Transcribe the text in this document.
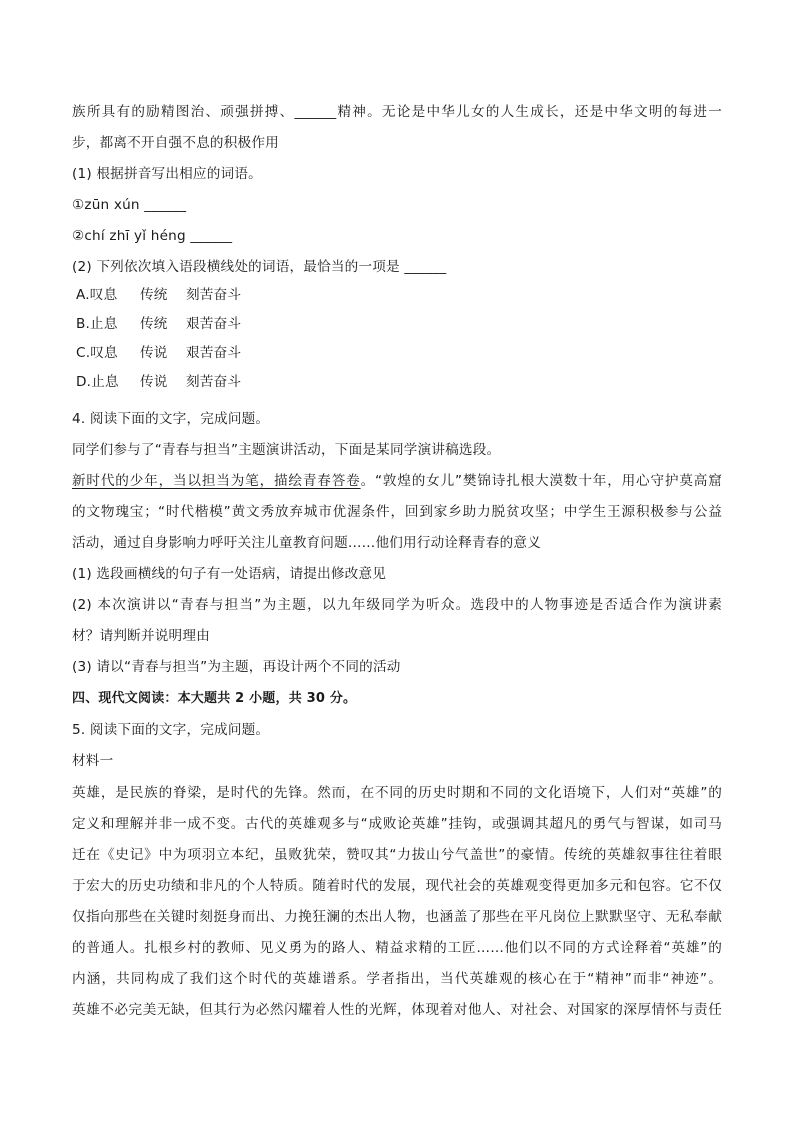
族所具有的励精图治、顽强拼搏、______精神。无论是中华儿女的人生成长，还是中华文明的每进一
步，都离不开自强不息的积极作用
(1) 根据拼音写出相应的词语。
①zūn xún ______
②chí zhī yǐ héng ______
(2) 下列依次填入语段横线处的词语，最恰当的一项是 ______
A.叹息 传统 刻苦奋斗
B.止息 传统 艰苦奋斗
C.叹息 传说 艰苦奋斗
D.止息 传说 刻苦奋斗
4. 阅读下面的文字，完成问题。
同学们参与了“青春与担当”主题演讲活动，下面是某同学演讲稿选段。
新时代的少年，当以担当为笔，描绘青春答卷。“敦煌的女儿”樊锦诗扎根大漠数十年，用心守护莫高窟
的文物瑰宝；“时代楷模”黄文秀放弃城市优渥条件，回到家乡助力脱贫攻坚；中学生王源积极参与公益
活动，通过自身影响力呼吁关注儿童教育问题……他们用行动诠释青春的意义
(1) 选段画横线的句子有一处语病，请提出修改意见
(2) 本次演讲以“青春与担当”为主题，以九年级同学为听众。选段中的人物事迹是否适合作为演讲素
材？请判断并说明理由
(3) 请以“青春与担当”为主题，再设计两个不同的活动
四、现代文阅读：本大题共 2 小题，共 30 分。
5. 阅读下面的文字，完成问题。
材料一
英雄，是民族的脊梁，是时代的先锋。然而，在不同的历史时期和不同的文化语境下，人们对“英雄”的
定义和理解并非一成不变。古代的英雄观多与“成败论英雄”挂钩，或强调其超凡的勇气与智谋，如司马
迁在《史记》中为项羽立本纪，虽败犹荣，赞叹其“力拔山兮气盖世”的豪情。传统的英雄叙事往往着眼
于宏大的历史功绩和非凡的个人特质。随着时代的发展，现代社会的英雄观变得更加多元和包容。它不仅
仅指向那些在关键时刻挺身而出、力挽狂澜的杰出人物，也涵盖了那些在平凡岗位上默默坚守、无私奉献
的普通人。扎根乡村的教师、见义勇为的路人、精益求精的工匠……他们以不同的方式诠释着“英雄”的
内涵，共同构成了我们这个时代的英雄谱系。学者指出，当代英雄观的核心在于“精神”而非“神迹”。
英雄不必完美无缺，但其行为必然闪耀着人性的光辉，体现着对他人、对社会、对国家的深厚情怀与责任
